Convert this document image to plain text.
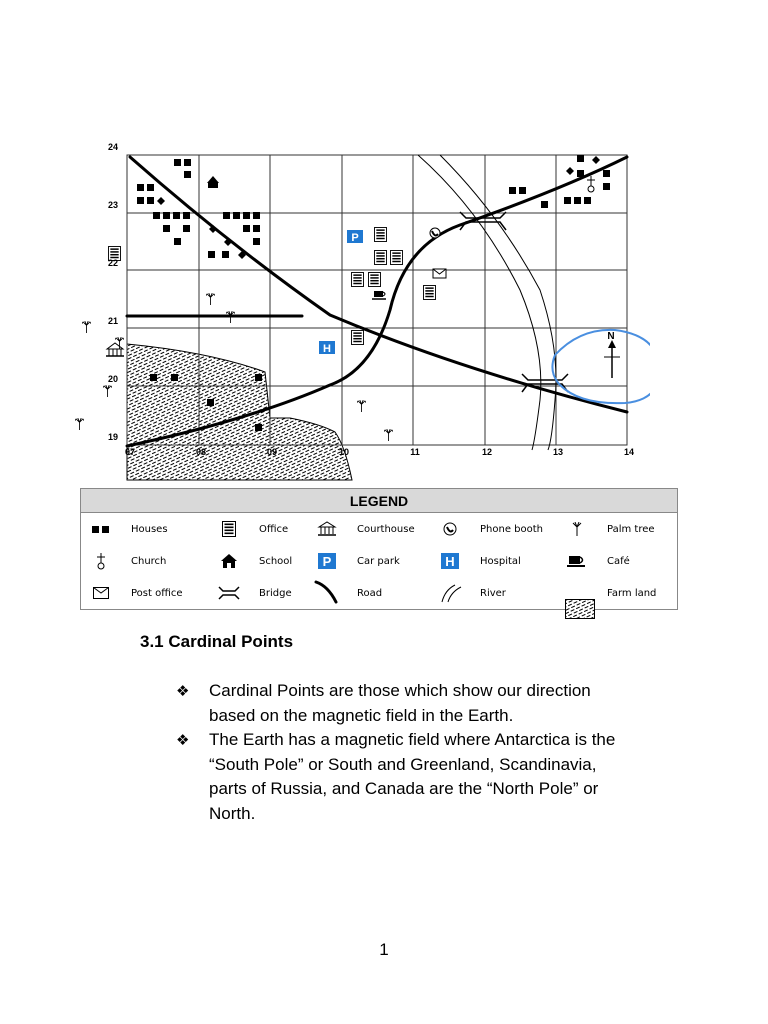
P
H
N
24
23
22
21
20
19
07	08	09	10	11	12	13	14
LEGEND
Houses	Office	Courthouse	Phone booth	Palm tree
Church	School P	Car park	H	Hospital	Café
Post office	Bridge	Road	River	Farm land
3.1 Cardinal Points
❖ Cardinal Points are those which show our direction based on the magnetic field in the Earth.
❖ The Earth has a magnetic field where Antarctica is the “South Pole” or South and Greenland, Scandinavia, parts of Russia, and Canada are the “North Pole” or North.
1
